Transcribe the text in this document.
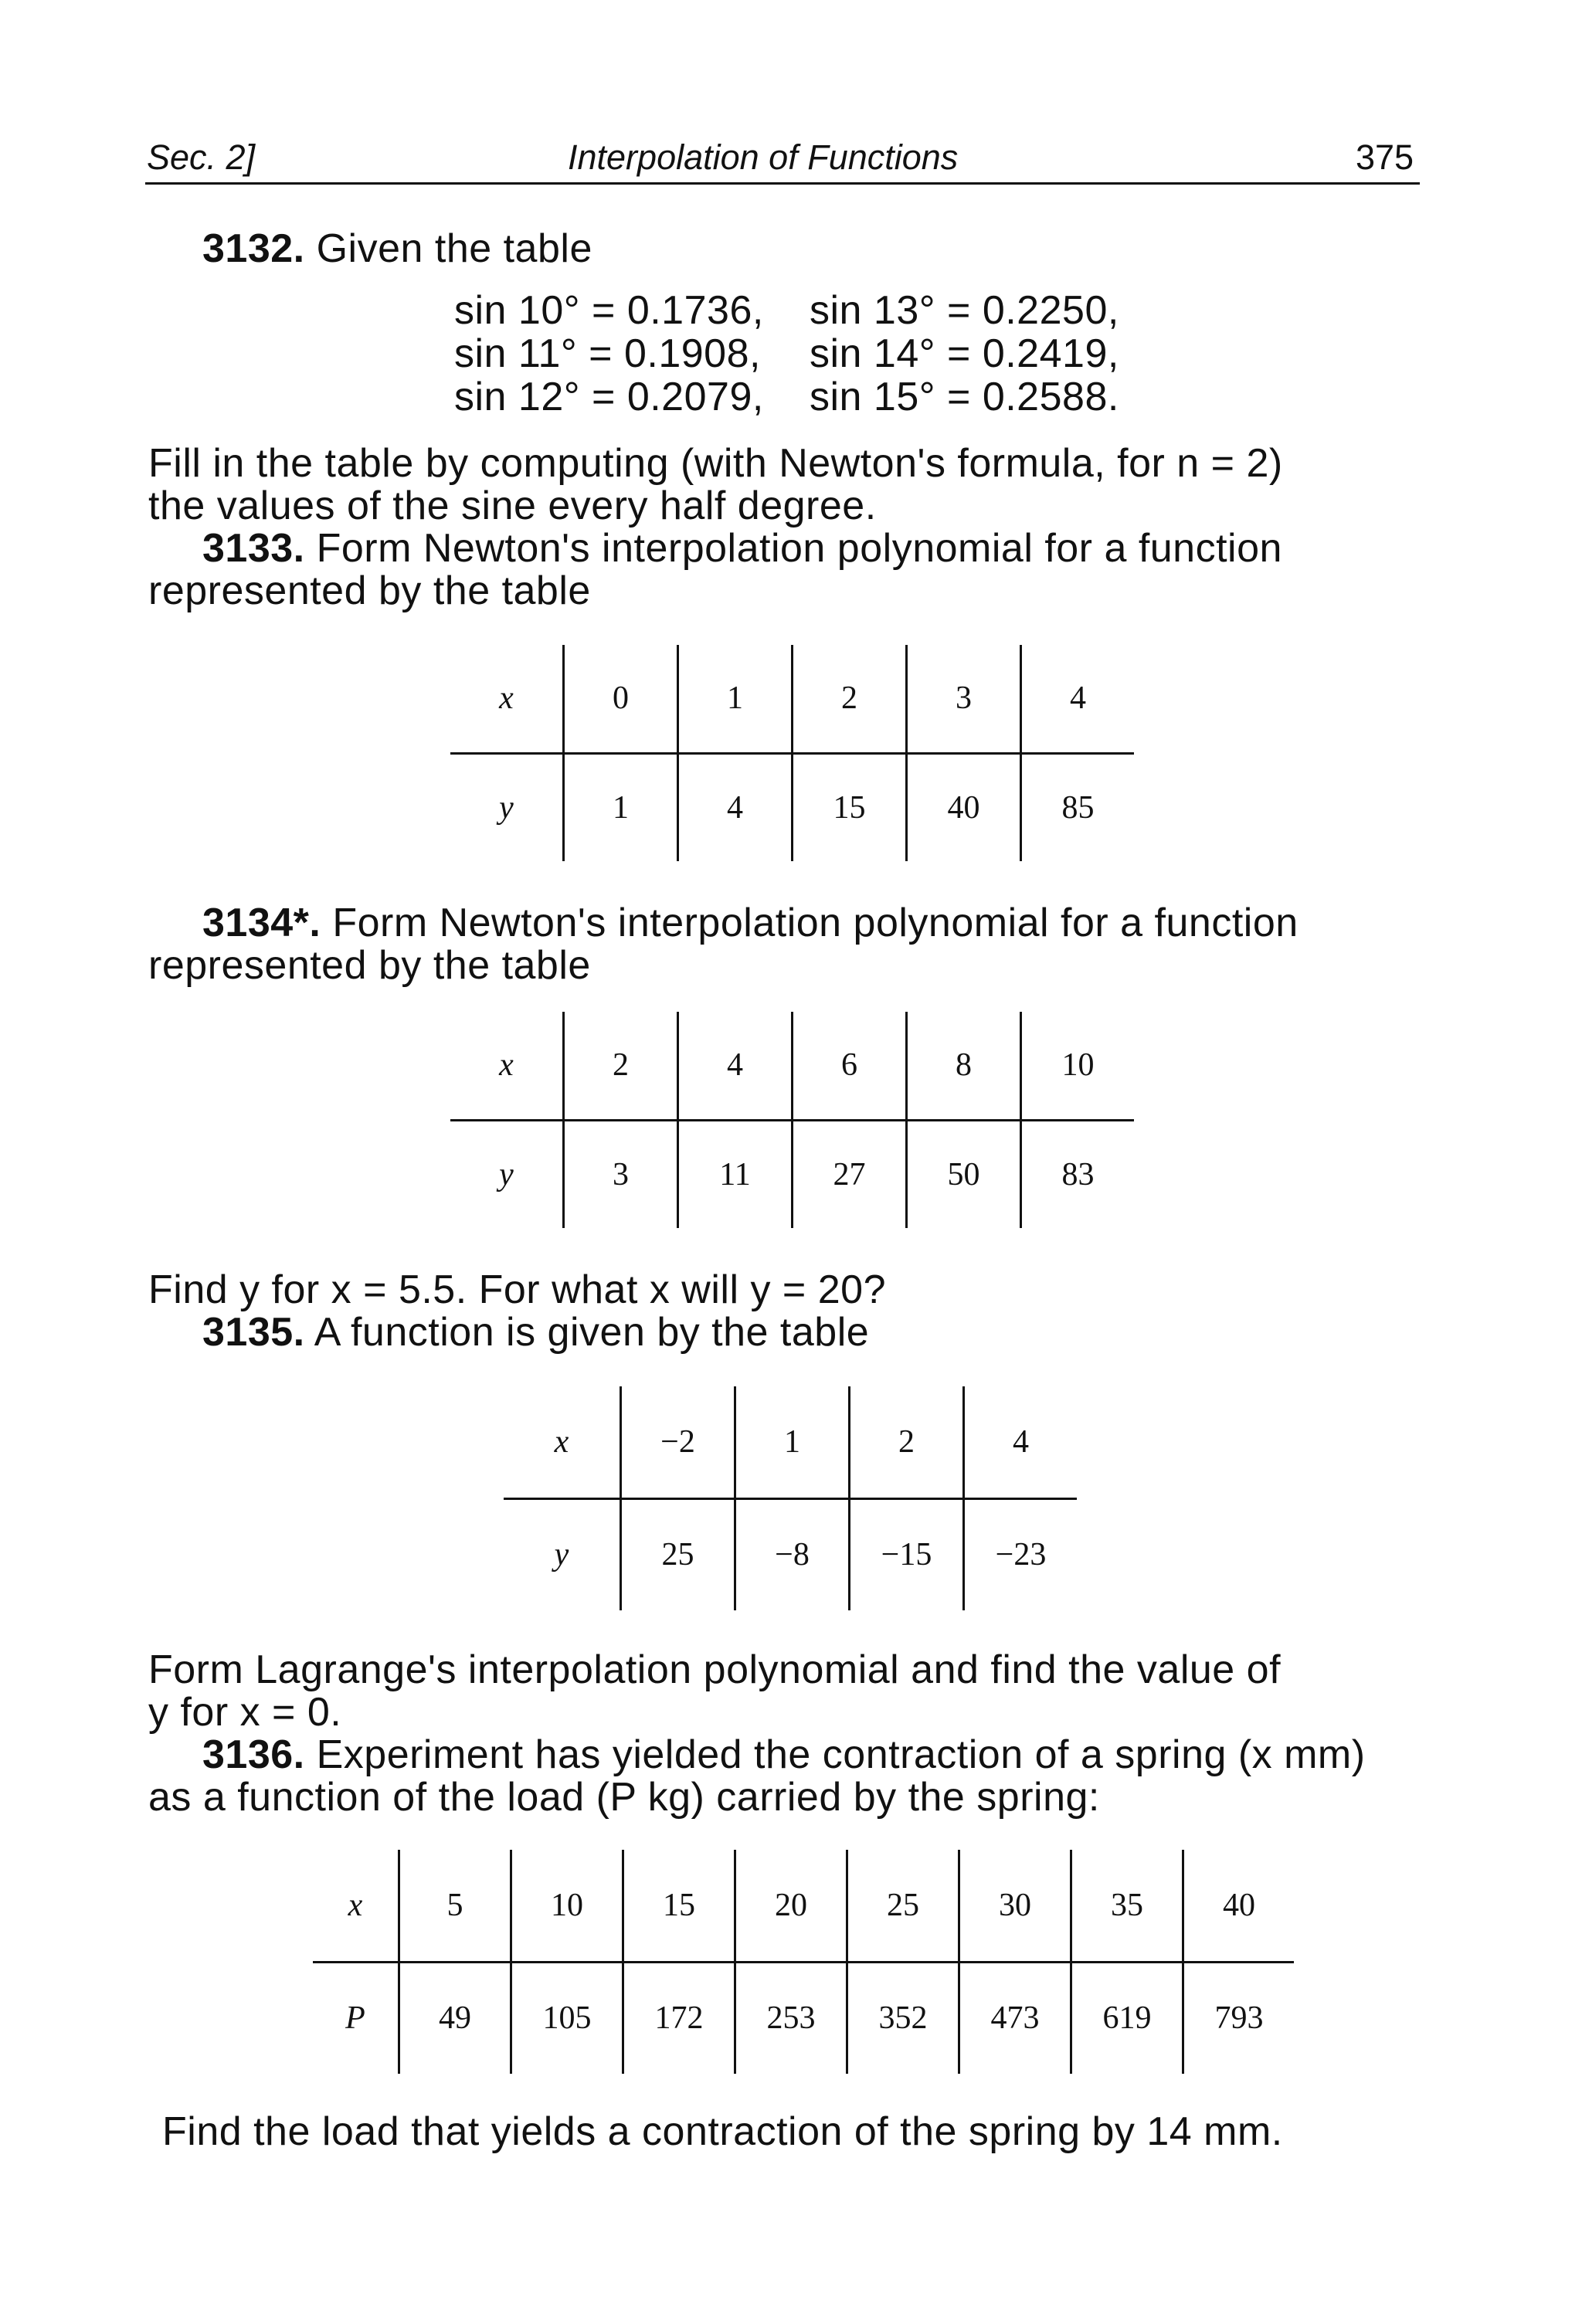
Sec. 2]	Interpolation of Functions	375
3132. Given the table
sin 10° = 0.1736, sin 13° = 0.2250,
sin 11° = 0.1908, sin 14° = 0.2419,
sin 12° = 0.2079, sin 15° = 0.2588.
Fill in the table by computing (with Newton's formula, for n = 2)
the values of the sine every half degree.
3133. Form Newton's interpolation polynomial for a function
represented by the table
x	0	1	2	3	4
y	1	4	15	40	85
3134*. Form Newton's interpolation polynomial for a function
represented by the table
x	2	4	6	8	10
y	3	11	27	50	83
Find y for x = 5.5. For what x will y = 20?
3135. A function is given by the table
x	−2	1	2	4
y	25	−8	−15	−23
Form Lagrange's interpolation polynomial and find the value of
y for x = 0.
3136. Experiment has yielded the contraction of a spring (x mm)
as a function of the load (P kg) carried by the spring:
x	5	10	15	20	25	30	35	40
P	49	105	172	253	352	473	619	793
Find the load that yields a contraction of the spring by 14 mm.
